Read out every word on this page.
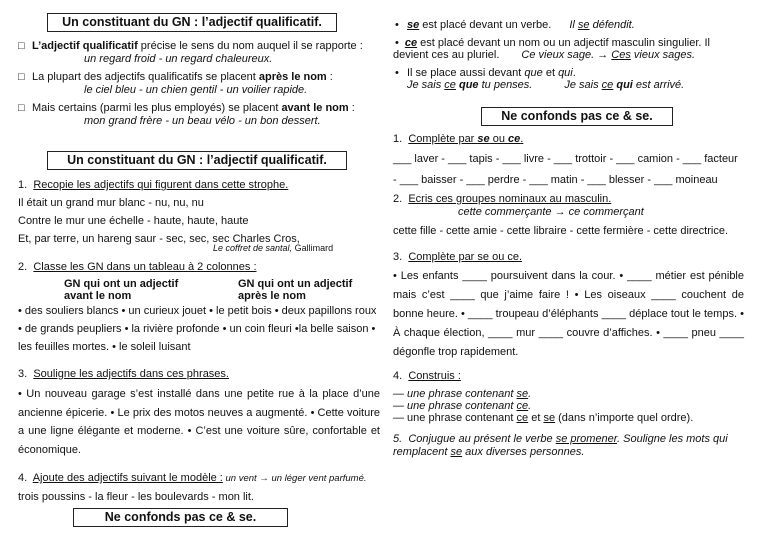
Un constituant du GN : l’adjectif qualificatif.
□ L’adjectif qualificatif précise le sens du nom auquel il se rapporte :

un regard froid - un regard chaleureux.

□ La plupart des adjectifs qualificatifs se placent après le nom :

le ciel bleu - un chien gentil - un voilier rapide.

□ Mais certains (parmi les plus employés) se placent avant le nom :

mon grand frère - un beau vélo - un bon dessert.

Un constituant du GN : l’adjectif qualificatif.

1. Recopie les adjectifs qui figurent dans cette strophe.

Il était un grand mur blanc - nu, nu, nu

Contre le mur une échelle - haute, haute, haute

Et, par terre, un hareng saur - sec, sec, sec Charles Cros,

Le coffret de santal, Gallimard

2. Classe les GN dans un tableau à 2 colonnes :

GN qui ont un adjectif

avant le nom

GN qui ont un adjectif

après le nom

• des souliers blancs • un curieux jouet • le petit bois • deux papillons roux

• de grands peupliers • la rivière profonde • un coin fleuri •la belle saison •

les feuilles mortes. • le soleil luisant

3. Souligne les adjectifs dans ces phrases.

• Un nouveau garage s’est installé dans une petite rue à la place d’une ancienne épicerie. • Le prix des motos neuves a augmenté. • Cette voiture a une ligne élégante et moderne. • C’est une voiture sûre, confortable et économique.

4. Ajoute des adjectifs suivant le modèle : un vent → un léger vent parfumé.

trois poussins - la fleur - les boulevards - mon lit.

Ne confonds pas ce & se.
• se est placé devant un verbe. Il se défendit.

• ce est placé devant un nom ou un adjectif masculin singulier. Il devient ces au pluriel. Ce vieux sage. → Ces vieux sages.

• Il se place aussi devant que et qui.

Je sais ce que tu penses.	Je sais ce qui est arrivé.

Ne confonds pas ce & se.

1. Complète par se ou ce.

___ laver - ___ tapis - ___ livre - ___ trottoir - ___ camion - ___ facteur

- ___ baisser - ___ perdre - ___ matin - ___ blesser - ___ moineau

2. Ecris ces groupes nominaux au masculin.

cette commerçante → ce commerçant

cette fille - cette amie - cette libraire - cette fermière - cette directrice.

3. Complète par se ou ce.

• Les enfants ____ poursuivent dans la cour. • ____ métier est pénible mais c’est ____ que j’aime faire ! • Les oiseaux ____ couchent de bonne heure. • ____ troupeau d’éléphants ____ déplace tout le temps. • À chaque élection, ____ mur ____ couvre d’affiches. • ____ pneu ____ dégonfle trop rapidement.

4. Construis :

— une phrase contenant se.

— une phrase contenant ce.

— une phrase contenant ce et se (dans n’importe quel ordre).

5. Conjugue au présent le verbe se promener. Souligne les mots qui remplacent se aux diverses personnes.
